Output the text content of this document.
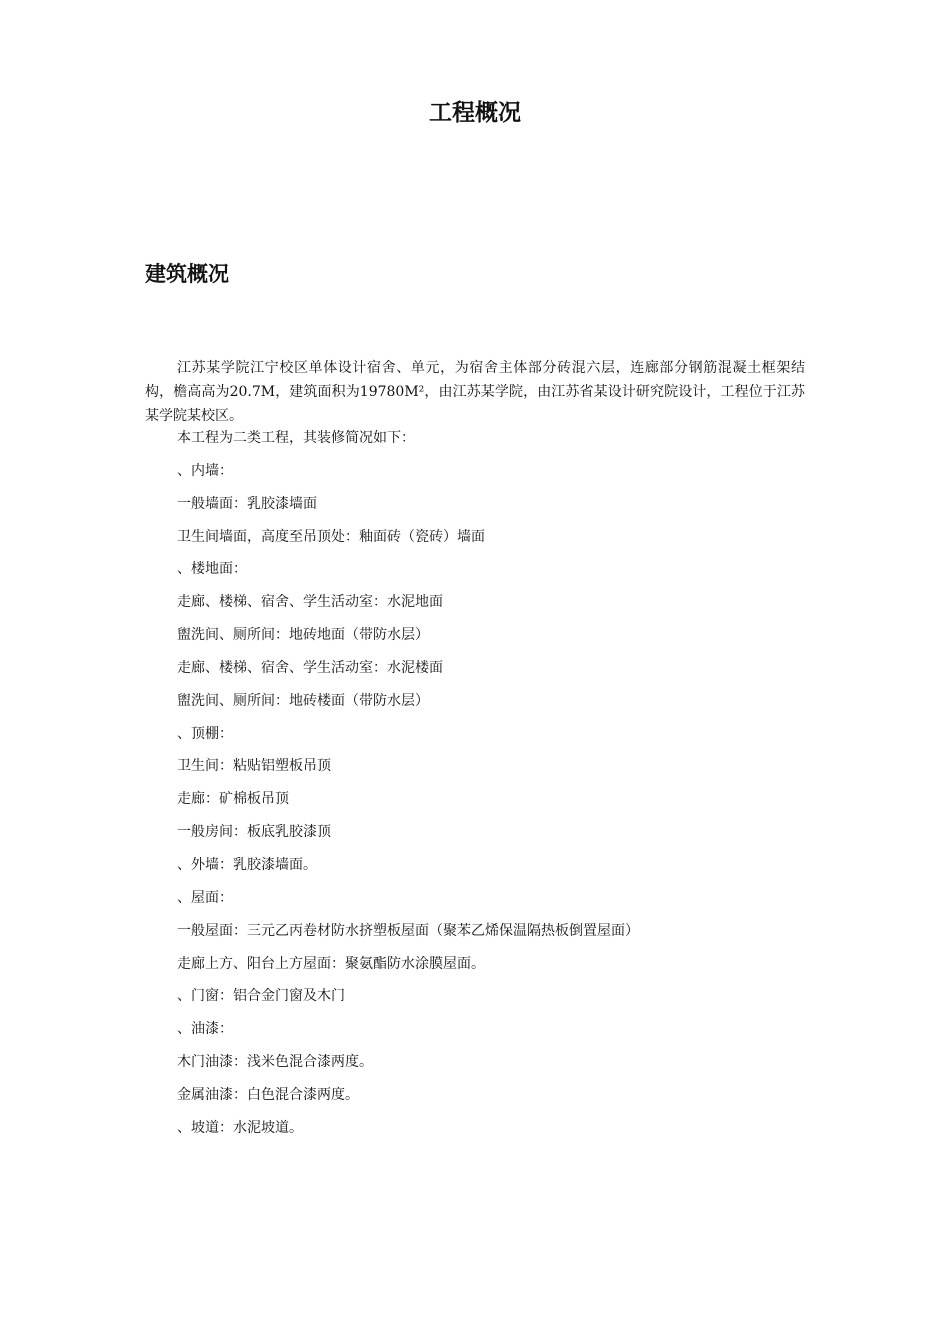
工程概况
建筑概况

江苏某学院江宁校区单体设计宿舍、单元，为宿舍主体部分砖混六层，连廊部分钢筋混凝土框架结构，檐高高为20.7M，建筑面积为19780M²，由江苏某学院，由江苏省某设计研究院设计，工程位于江苏某学院某校区。

本工程为二类工程，其装修简况如下：
、内墙：
一般墙面：乳胶漆墙面
卫生间墙面，高度至吊顶处：釉面砖（瓷砖）墙面
、楼地面：
走廊、楼梯、宿舍、学生活动室：水泥地面
盥洗间、厕所间：地砖地面（带防水层）
走廊、楼梯、宿舍、学生活动室：水泥楼面
盥洗间、厕所间：地砖楼面（带防水层）
、顶棚：
卫生间：粘贴铝塑板吊顶
走廊：矿棉板吊顶
一般房间：板底乳胶漆顶
、外墙：乳胶漆墙面。
、屋面：
一般屋面：三元乙丙卷材防水挤塑板屋面（聚苯乙烯保温隔热板倒置屋面）
走廊上方、阳台上方屋面：聚氨酯防水涂膜屋面。
、门窗：铝合金门窗及木门
、油漆：
木门油漆：浅米色混合漆两度。
金属油漆：白色混合漆两度。
、坡道：水泥坡道。
